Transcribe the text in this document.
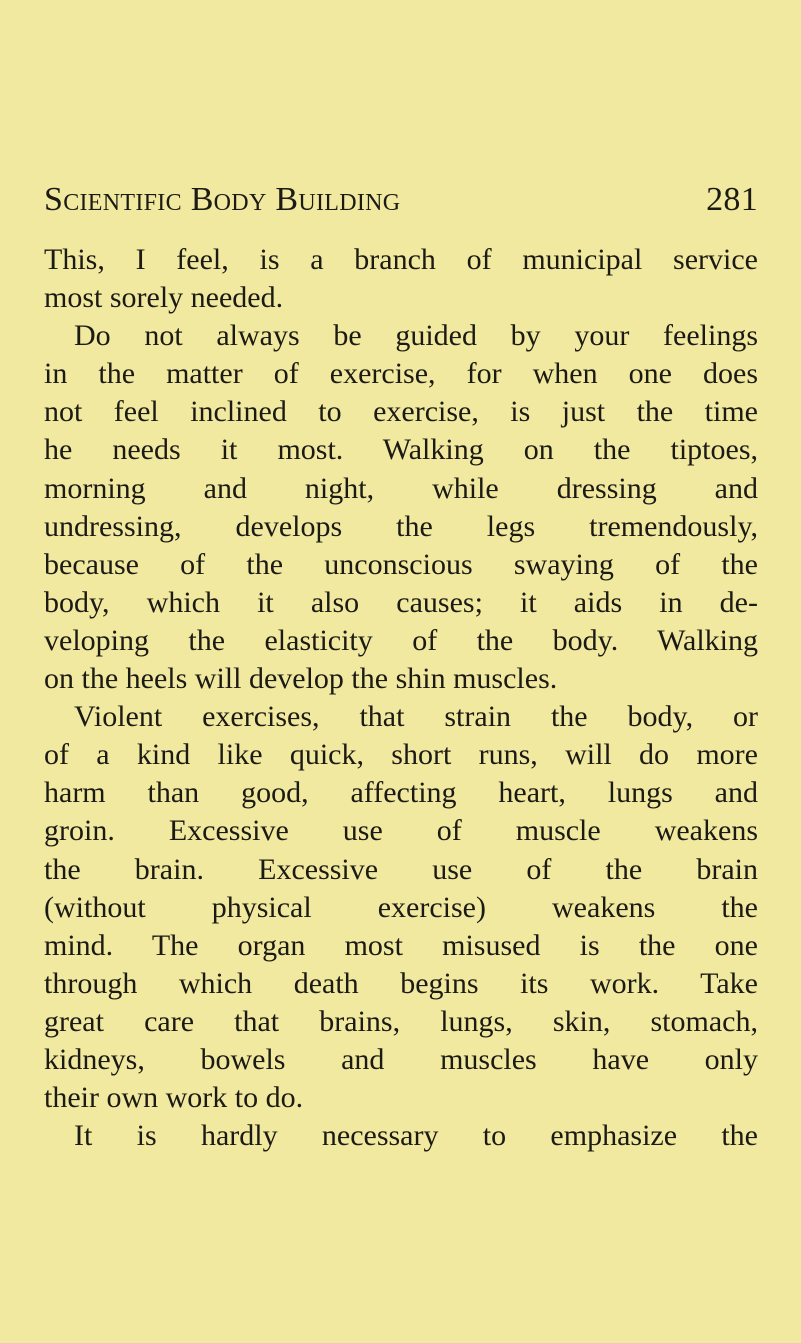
Scientific Body Building	281
This, I feel, is a branch of municipal service
most sorely needed.
Do not always be guided by your feelings
in the matter of exercise, for when one does
not feel inclined to exercise, is just the time
he needs it most. Walking on the tiptoes,
morning and night, while dressing and
undressing, develops the legs tremendously,
because of the unconscious swaying of the
body, which it also causes; it aids in de-
veloping the elasticity of the body. Walking
on the heels will develop the shin muscles.
Violent exercises, that strain the body, or
of a kind like quick, short runs, will do more
harm than good, affecting heart, lungs and
groin. Excessive use of muscle weakens
the brain. Excessive use of the brain
(without physical exercise) weakens the
mind. The organ most misused is the one
through which death begins its work. Take
great care that brains, lungs, skin, stomach,
kidneys, bowels and muscles have only
their own work to do.
It is hardly necessary to emphasize the
